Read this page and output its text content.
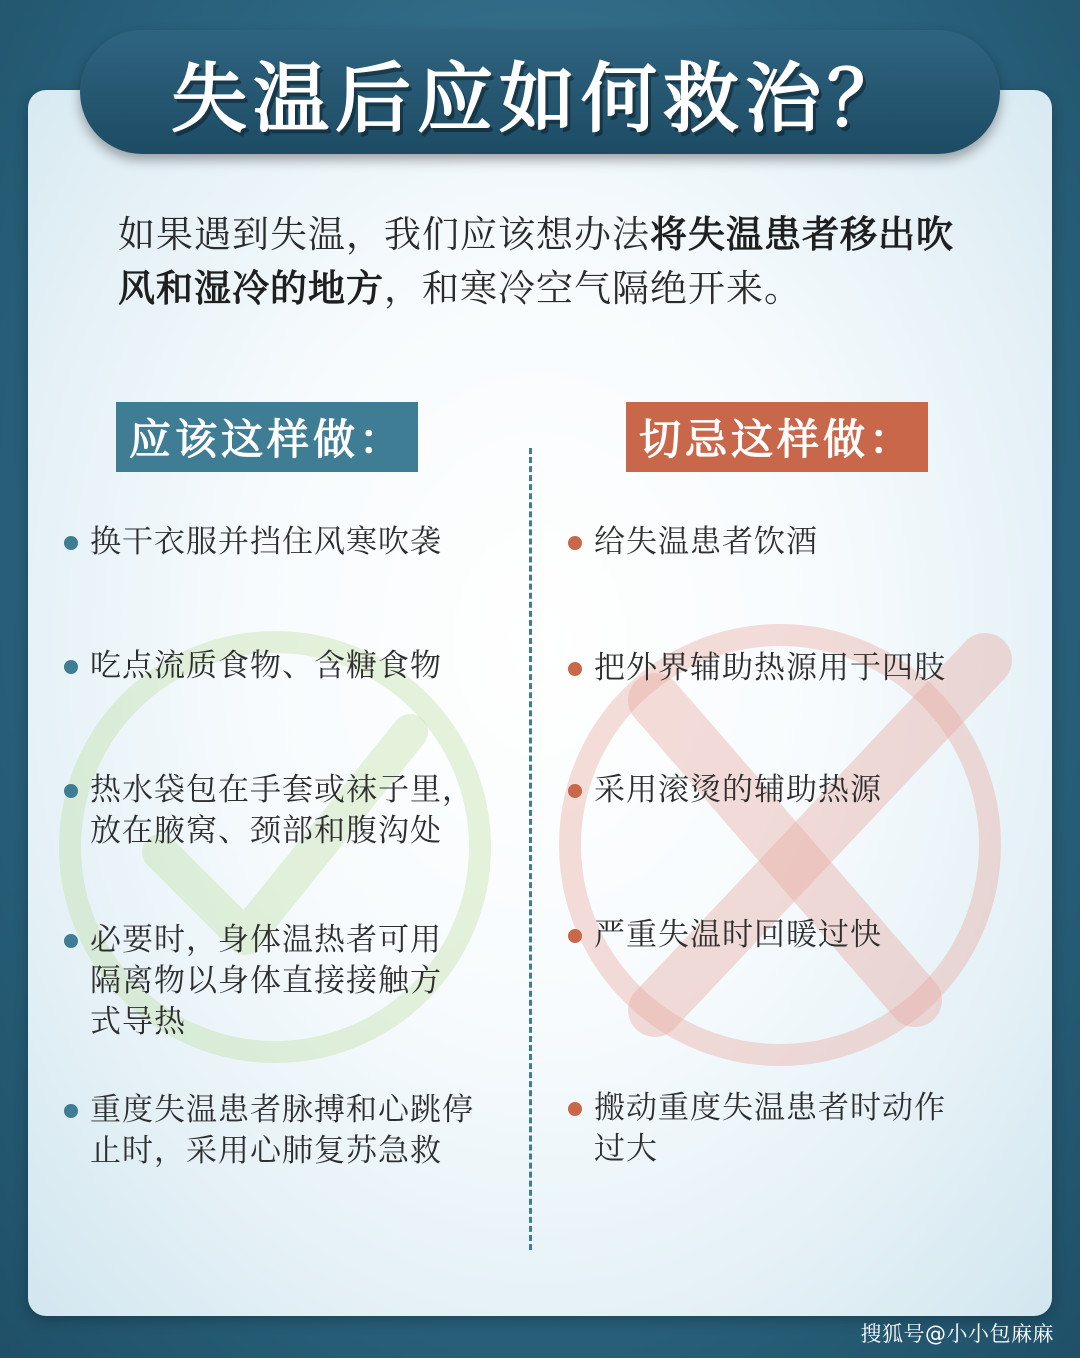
失温后应如何救治？
如果遇到失温，我们应该想办法将失温患者移出吹风和湿冷的地方，和寒冷空气隔绝开来。
应该这样做：	切忌这样做：
换干衣服并挡住风寒吹袭
吃点流质食物、含糖食物
热水袋包在手套或袜子里，放在腋窝、颈部和腹沟处
必要时，身体温热者可用隔离物以身体直接接触方式导热
重度失温患者脉搏和心跳停止时，采用心肺复苏急救
给失温患者饮酒
把外界辅助热源用于四肢
采用滚烫的辅助热源
严重失温时回暖过快
搬动重度失温患者时动作过大
搜狐号@小小包麻麻
